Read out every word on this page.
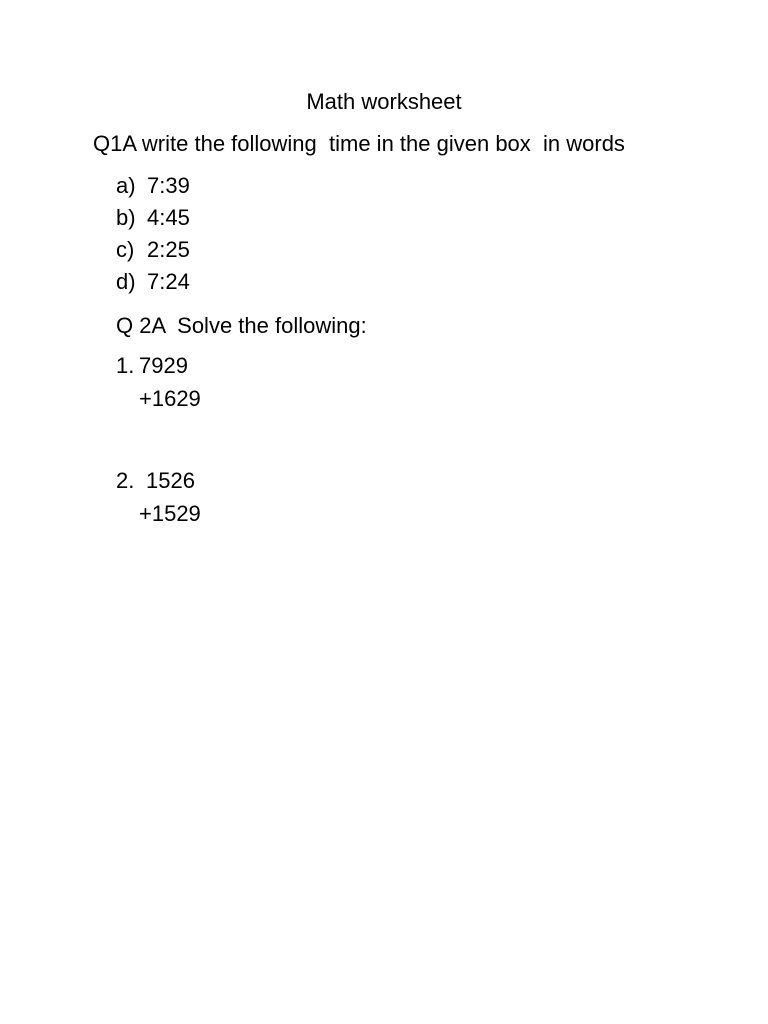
Math worksheet
Q1A write the following  time in the given box  in words
a) 7:39
b) 4:45
c) 2:25
d) 7:24
Q 2A  Solve the following:
1. 7929
+1629
2. 1526
+1529
